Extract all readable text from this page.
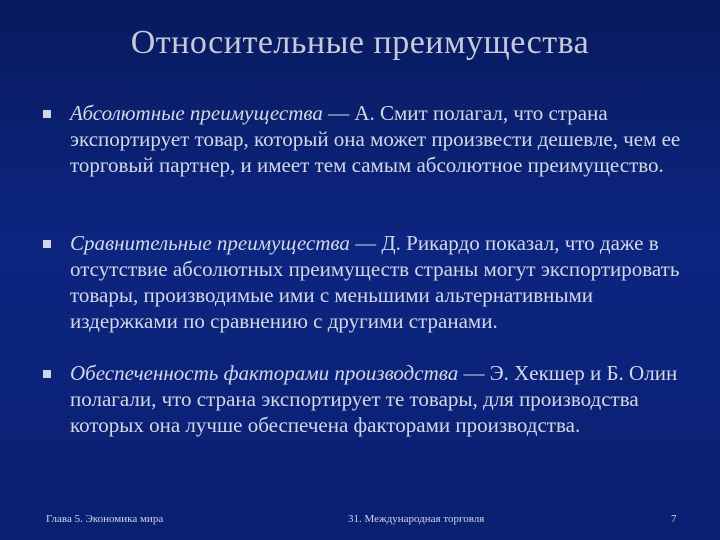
Относительные преимущества
Абсолютные преимущества — А. Смит полагал, что страна экспортирует товар, который она может произвести дешевле, чем ее торговый партнер, и имеет тем самым абсолютное преимущество.
Сравнительные преимущества — Д. Рикардо показал, что даже в отсутствие абсолютных преимуществ страны могут экспортировать товары, производимые ими с меньшими альтернативными издержками по сравнению с другими странами.
Обеспеченность факторами производства — Э. Хекшер и Б. Олин полагали, что страна экспортирует те товары, для производства которых она лучше обеспечена факторами производства.
Глава 5. Экономика мира	31. Международная торговля	7
